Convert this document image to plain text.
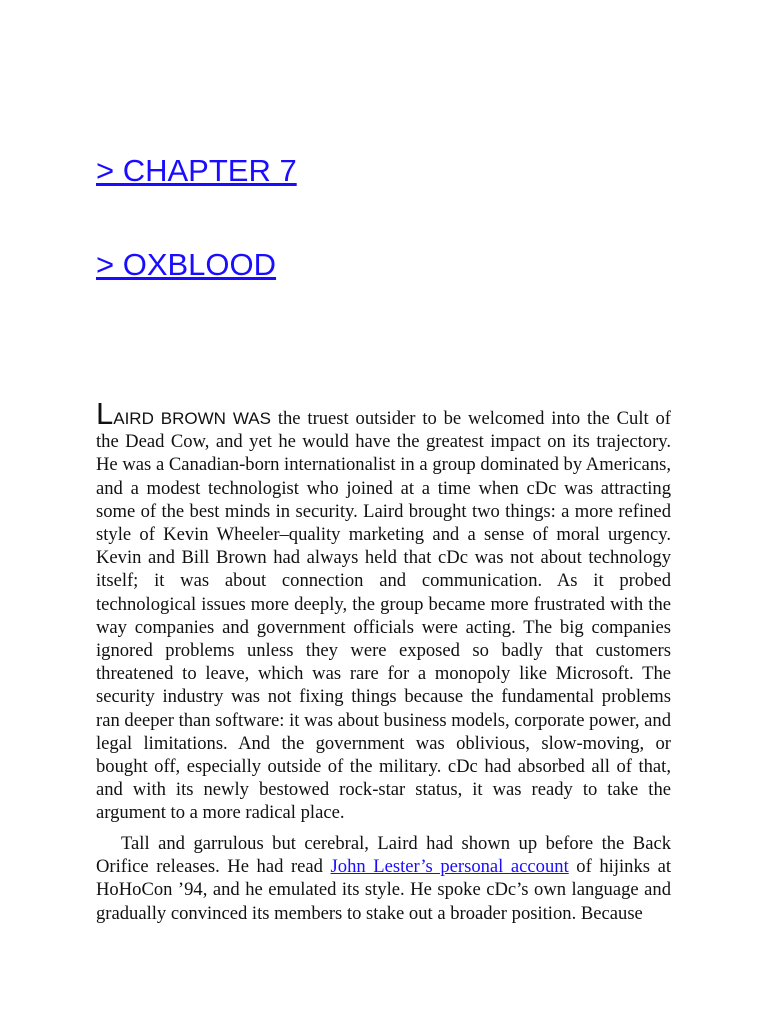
> CHAPTER 7
> OXBLOOD

LAIRD BROWN WAS the truest outsider to be welcomed into the Cult of the Dead Cow, and yet he would have the greatest impact on its trajectory. He was a Canadian-born internationalist in a group dominated by Americans, and a modest technologist who joined at a time when cDc was attracting some of the best minds in security. Laird brought two things: a more refined style of Kevin Wheeler–quality marketing and a sense of moral urgency. Kevin and Bill Brown had always held that cDc was not about technology itself; it was about connection and communication. As it probed technological issues more deeply, the group became more frustrated with the way companies and government officials were acting. The big companies ignored problems unless they were exposed so badly that customers threatened to leave, which was rare for a monopoly like Microsoft. The security industry was not fixing things because the fundamental problems ran deeper than software: it was about business models, corporate power, and legal limitations. And the government was oblivious, slow-moving, or bought off, especially outside of the military. cDc had absorbed all of that, and with its newly bestowed rock-star status, it was ready to take the argument to a more radical place.

Tall and garrulous but cerebral, Laird had shown up before the Back Orifice releases. He had read John Lester’s personal account of hijinks at HoHoCon ’94, and he emulated its style. He spoke cDc’s own language and gradually convinced its members to stake out a broader position. Because
